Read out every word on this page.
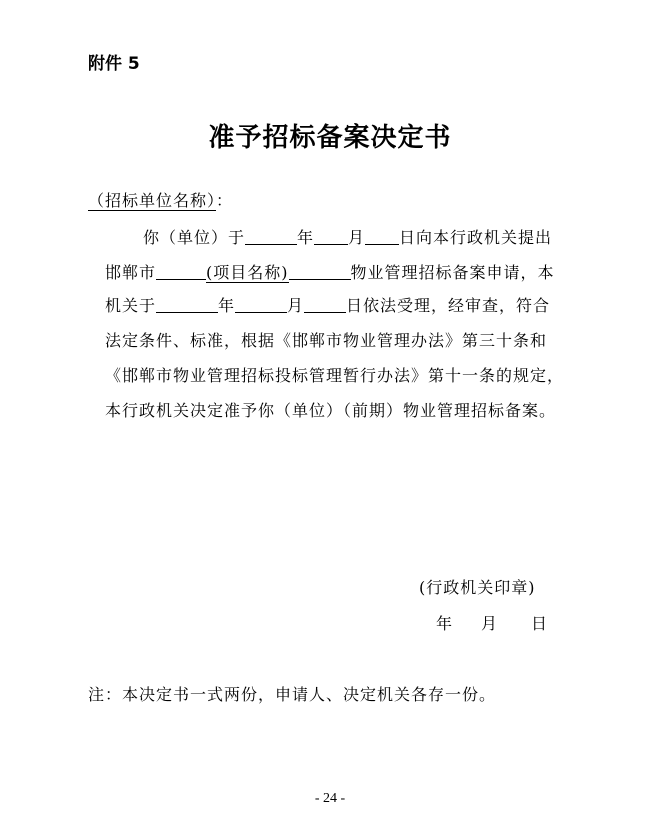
附件 5
准予招标备案决定书
（招标单位名称）：
你（单位）于	年 月 日向本行政机关提出
邯郸市	(项目名称)	物业管理招标备案申请，本
机关于	年	月	日依法受理，经审查，符合
法定条件、标准，根据《邯郸市物业管理办法》第三十条和
《邯郸市物业管理招标投标管理暂行办法》第十一条的规定，
本行政机关决定准予你（单位）（前期）物业管理招标备案。
(行政机关印章)
年 月 日
注：本决定书一式两份，申请人、决定机关各存一份。
- 24 -
